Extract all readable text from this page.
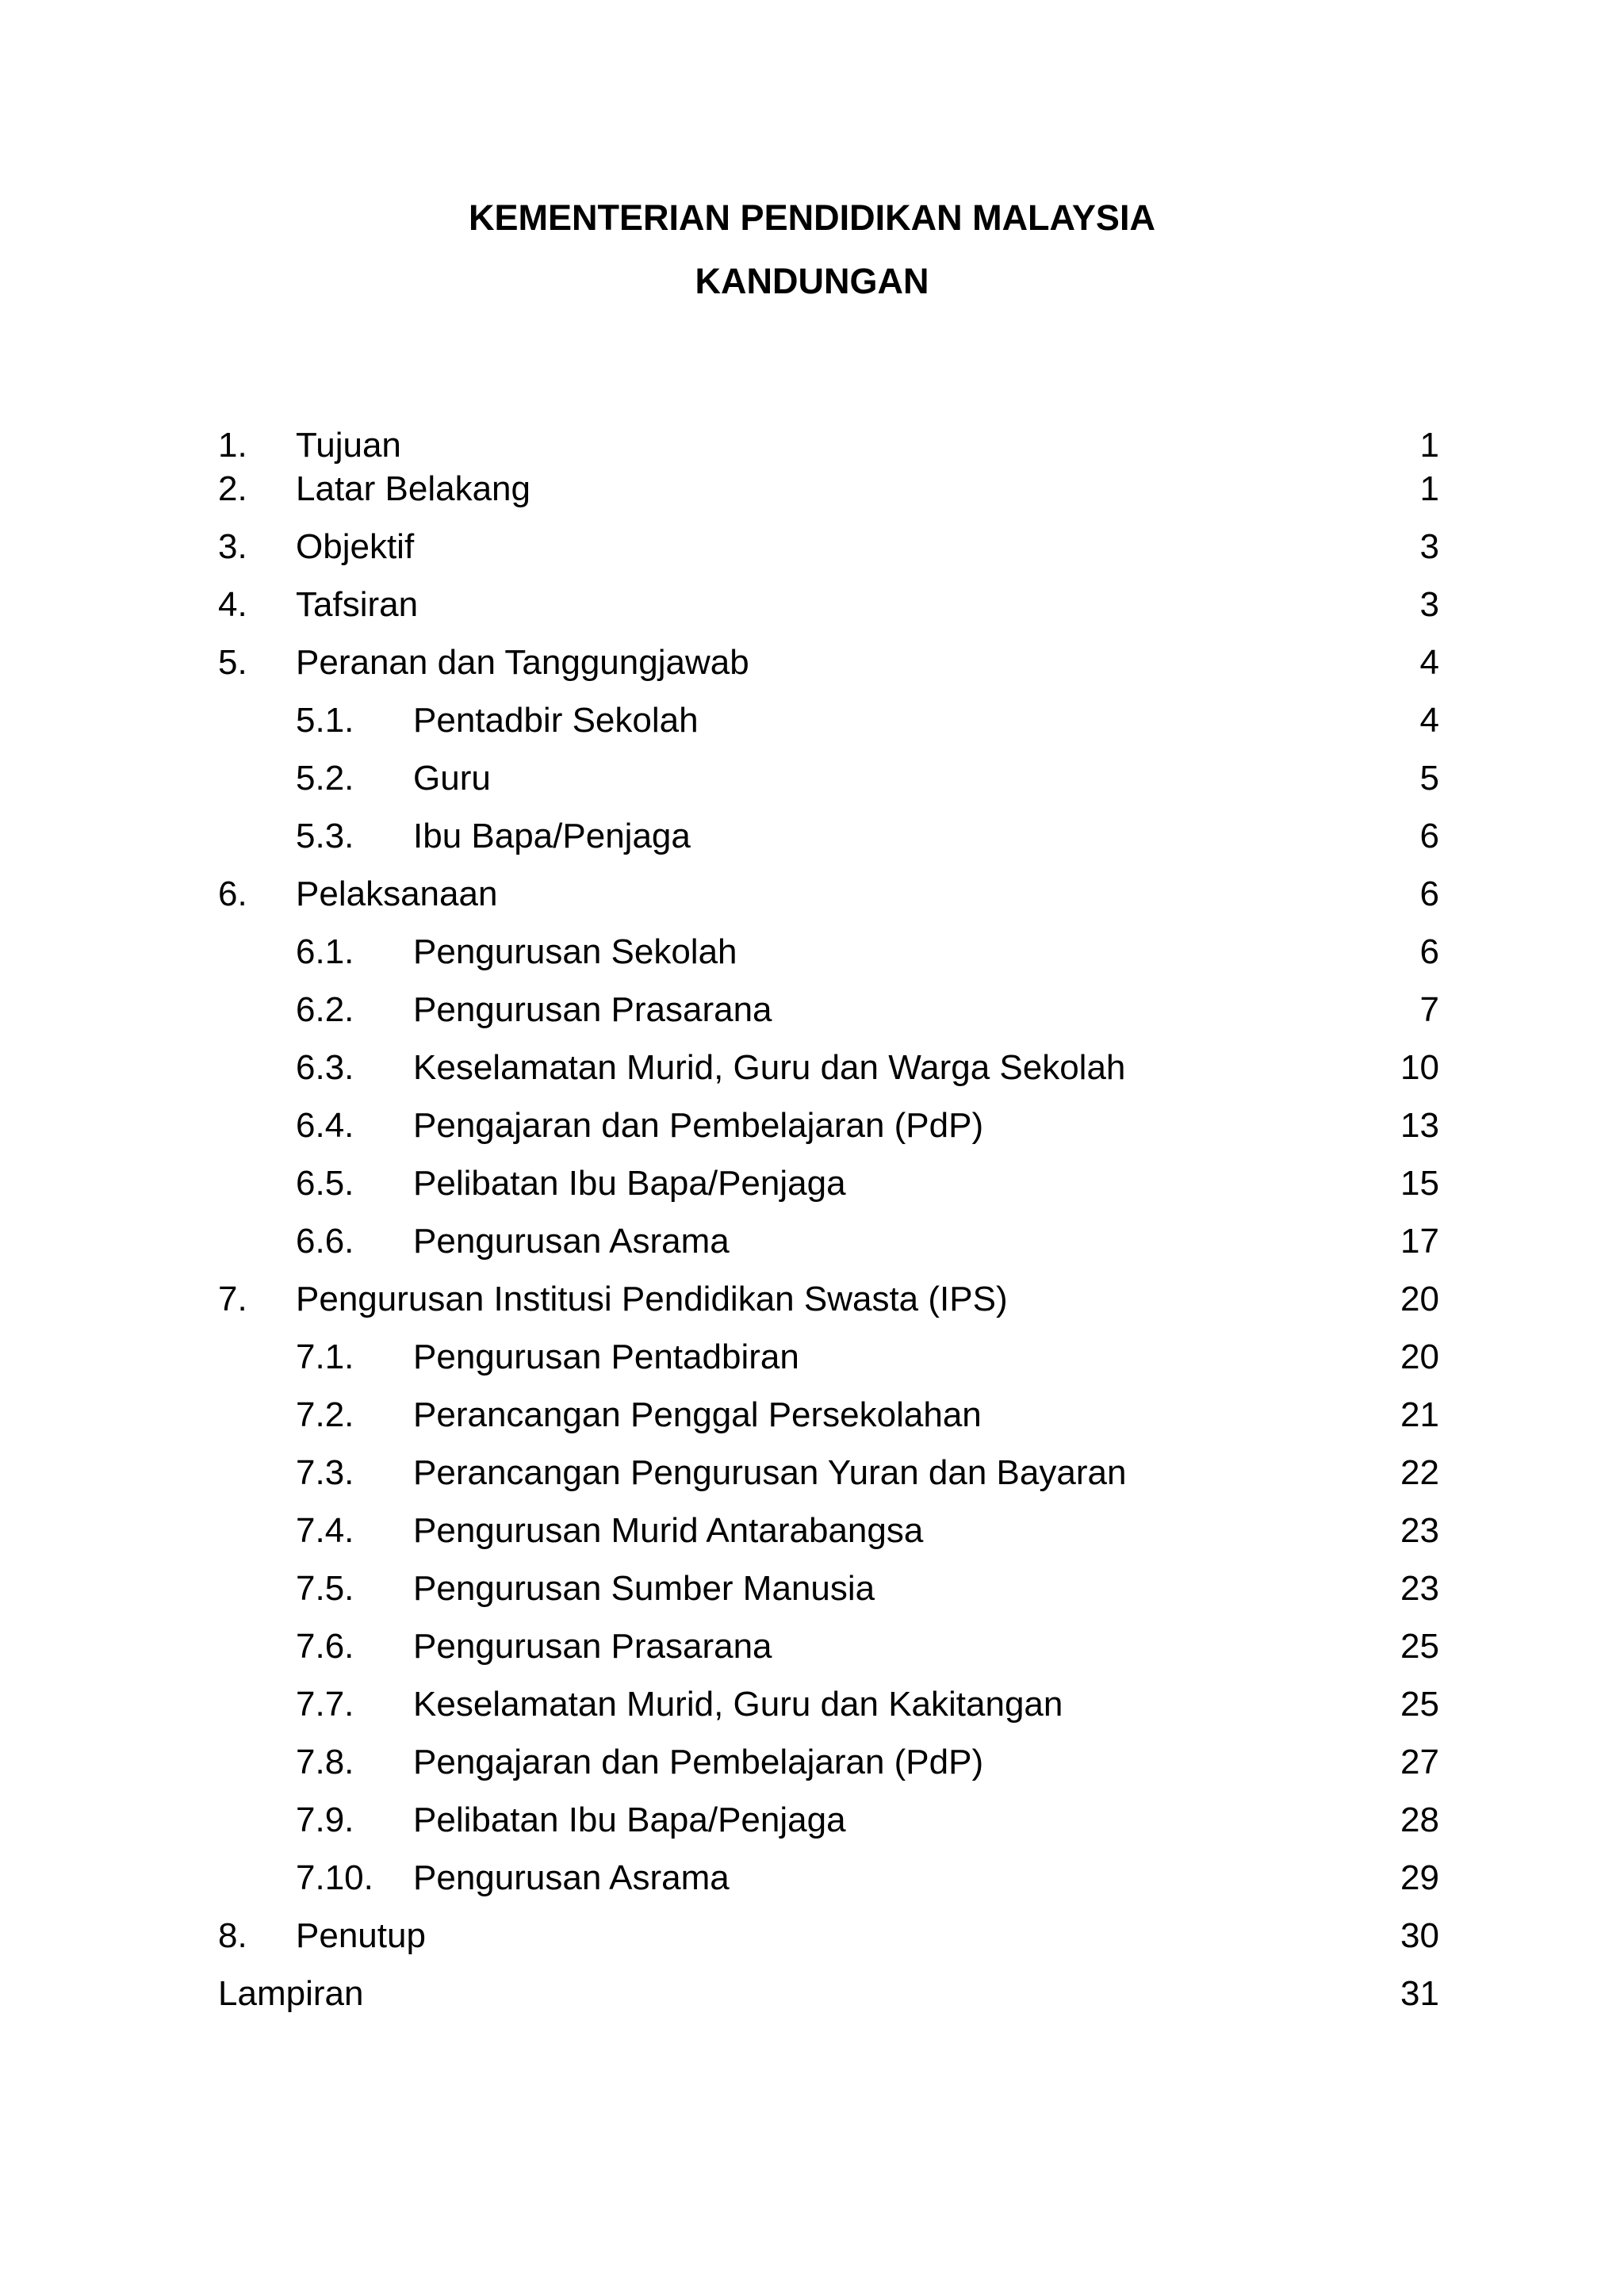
KEMENTERIAN PENDIDIKAN MALAYSIA
KANDUNGAN
1. Tujuan	1
2. Latar Belakang	1
3. Objektif	3
4. Tafsiran	3
5. Peranan dan Tanggungjawab	4
5.1. Pentadbir Sekolah	4
5.2. Guru	5
5.3. Ibu Bapa/Penjaga	6
6. Pelaksanaan	6
6.1. Pengurusan Sekolah	6
6.2. Pengurusan Prasarana	7
6.3. Keselamatan Murid, Guru dan Warga Sekolah	10
6.4. Pengajaran dan Pembelajaran (PdP)	13
6.5. Pelibatan Ibu Bapa/Penjaga	15
6.6. Pengurusan Asrama	17
7. Pengurusan Institusi Pendidikan Swasta (IPS)	20
7.1. Pengurusan Pentadbiran	20
7.2. Perancangan Penggal Persekolahan	21
7.3. Perancangan Pengurusan Yuran dan Bayaran	22
7.4. Pengurusan Murid Antarabangsa	23
7.5. Pengurusan Sumber Manusia	23
7.6. Pengurusan Prasarana	25
7.7. Keselamatan Murid, Guru dan Kakitangan	25
7.8. Pengajaran dan Pembelajaran (PdP)	27
7.9. Pelibatan Ibu Bapa/Penjaga	28
7.10. Pengurusan Asrama	29
8. Penutup	30
Lampiran	31
